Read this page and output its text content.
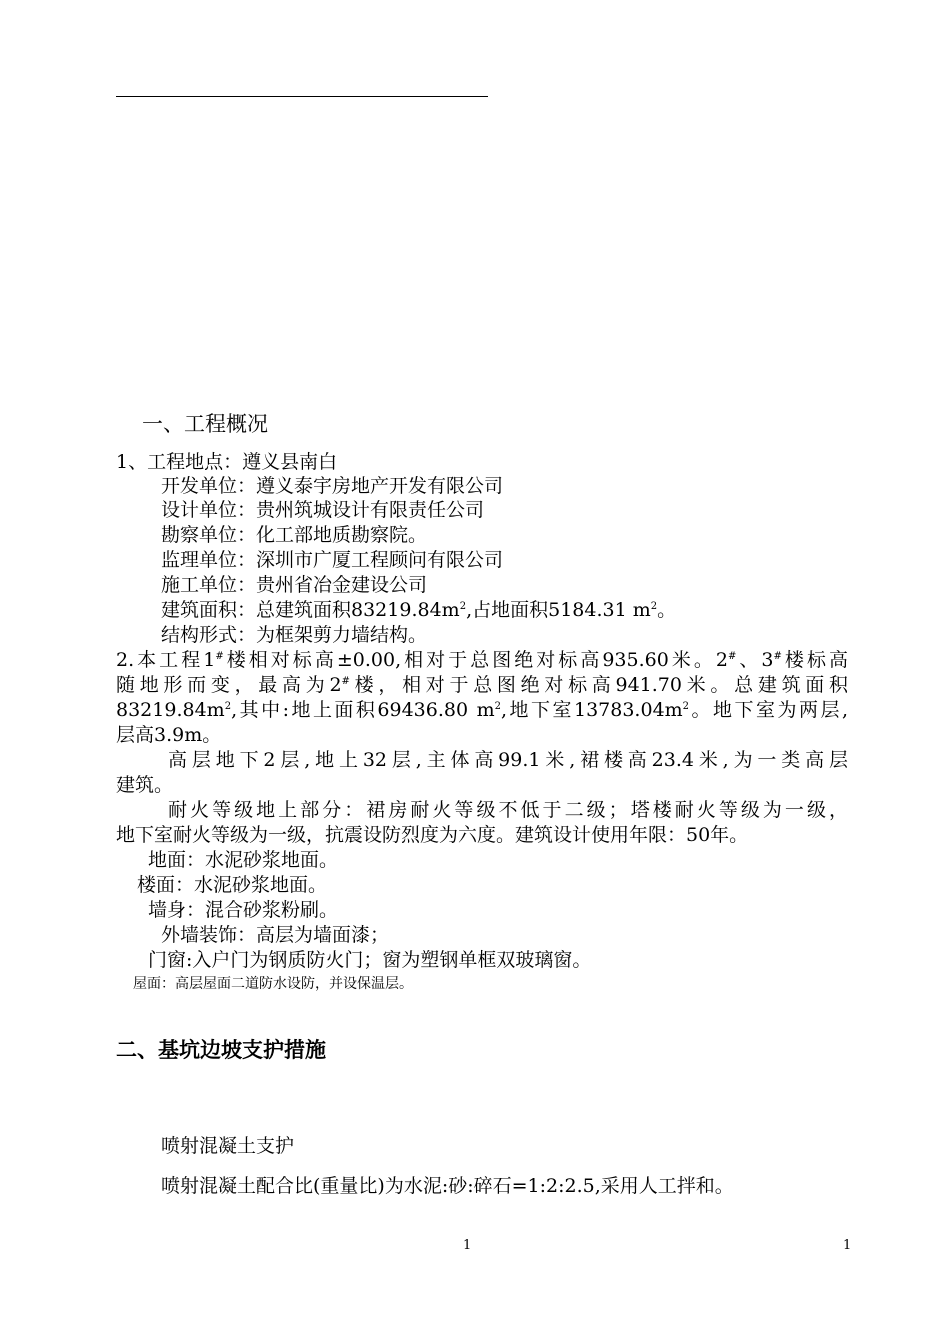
一、工程概况
1、工程地点：遵义县南白
开发单位：遵义泰宇房地产开发有限公司
设计单位：贵州筑城设计有限责任公司
勘察单位：化工部地质勘察院。
监理单位：深圳市广厦工程顾问有限公司
施工单位：贵州省冶金建设公司
建筑面积：总建筑面积$83219.84m^2$,占地面积5184.31 $m^2$。
结构形式：为框架剪力墙结构。
2.本工程1#楼相对标高±0.00,相对于总图绝对标高935.60米。2#、3#楼标高
随地形而变，最高为2#楼，相对于总图绝对标高941.70米。总建筑面积
$83219.84m^2$,其中:地上面积69436.80 $m^2$,地下室$13783.04m^2$。地下室为两层,
层高3.9m。
高层地下2层,地上32层,主体高99.1米,裙楼高23.4米,为一类高层
建筑。
耐火等级地上部分：裙房耐火等级不低于二级；塔楼耐火等级为一级，
地下室耐火等级为一级，抗震设防烈度为六度。建筑设计使用年限：50年。
地面：水泥砂浆地面。
楼面：水泥砂浆地面。
墙身：混合砂浆粉刷。
外墙装饰：高层为墙面漆；
门窗:入户门为钢质防火门；窗为塑钢单框双玻璃窗。
屋面：高层屋面二道防水设防，并设保温层。
二、基坑边坡支护措施
喷射混凝土支护
喷射混凝土配合比(重量比)为水泥:砂:碎石=1:2:2.5,采用人工拌和。
1	1
